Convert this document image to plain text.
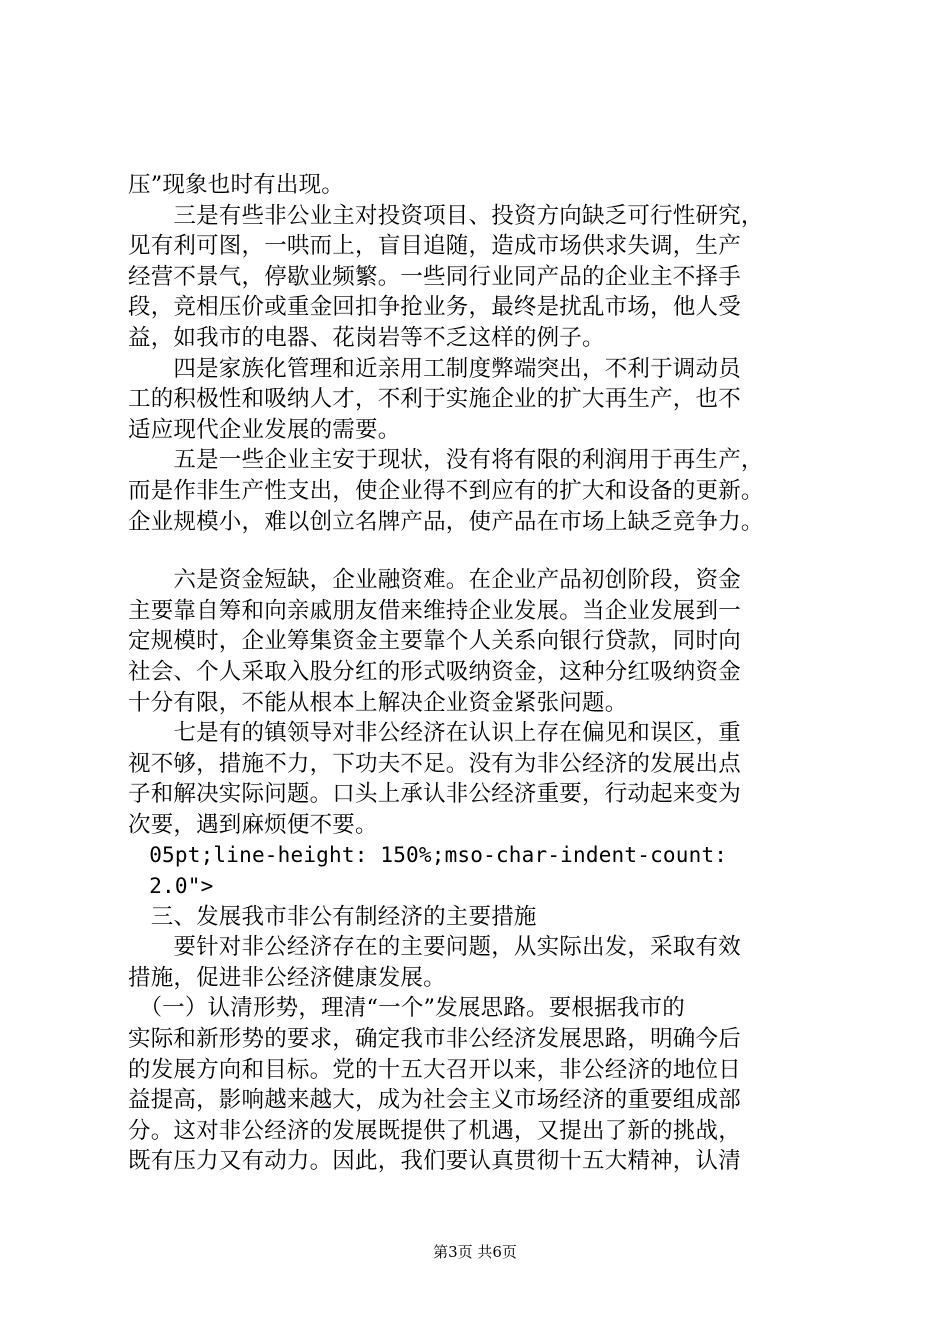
压”现象也时有出现。
　　三是有些非公业主对投资项目、投资方向缺乏可行性研究，
见有利可图，一哄而上，盲目追随，造成市场供求失调，生产
经营不景气，停歇业频繁。一些同行业同产品的企业主不择手
段，竞相压价或重金回扣争抢业务，最终是扰乱市场，他人受
益，如我市的电器、花岗岩等不乏这样的例子。
　　四是家族化管理和近亲用工制度弊端突出，不利于调动员
工的积极性和吸纳人才，不利于实施企业的扩大再生产，也不
适应现代企业发展的需要。
　　五是一些企业主安于现状，没有将有限的利润用于再生产，
而是作非生产性支出，使企业得不到应有的扩大和设备的更新。
企业规模小，难以创立名牌产品，使产品在市场上缺乏竞争力。
　　六是资金短缺，企业融资难。在企业产品初创阶段，资金
主要靠自筹和向亲戚朋友借来维持企业发展。当企业发展到一
定规模时，企业筹集资金主要靠个人关系向银行贷款，同时向
社会、个人采取入股分红的形式吸纳资金，这种分红吸纳资金
十分有限，不能从根本上解决企业资金紧张问题。
　　七是有的镇领导对非公经济在认识上存在偏见和误区，重
视不够，措施不力，下功夫不足。没有为非公经济的发展出点
子和解决实际问题。口头上承认非公经济重要，行动起来变为
次要，遇到麻烦便不要。
　05pt;line-height: 150%;mso-char-indent-count:
　2.0">
　三、发展我市非公有制经济的主要措施
　　要针对非公经济存在的主要问题，从实际出发，采取有效
措施，促进非公经济健康发展。
　（一）认清形势，理清“一个”发展思路。要根据我市的
实际和新形势的要求，确定我市非公经济发展思路，明确今后
的发展方向和目标。党的十五大召开以来，非公经济的地位日
益提高，影响越来越大，成为社会主义市场经济的重要组成部
分。这对非公经济的发展既提供了机遇，又提出了新的挑战，
既有压力又有动力。因此，我们要认真贯彻十五大精神，认清
第3页 共6页
